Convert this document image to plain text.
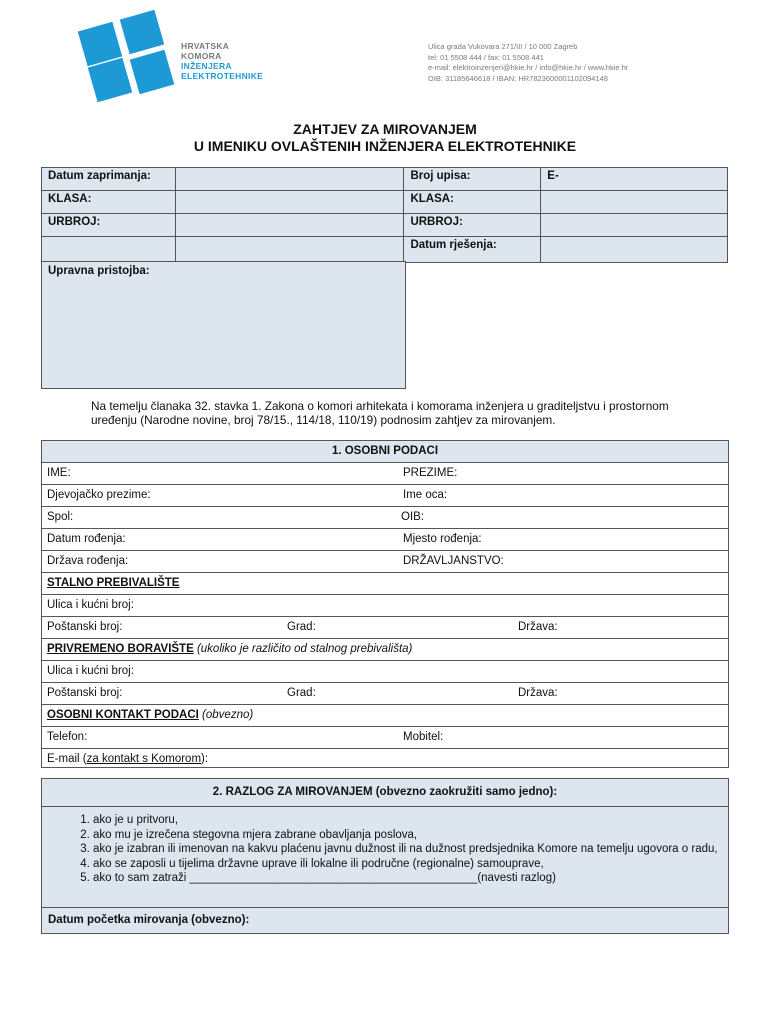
HRVATSKA
KOMORA
INŽENJERA
ELEKTROTEHNIKE
Ulica grada Vukovara 271/III / 10 000 Zagreb
tel: 01 5508 444 / fax: 01 5508 441
e-mail: elektroinzenjeri@hkie.hr / info@hkie.hr / www.hkie.hr
OIB: 31185646618 / IBAN: HR7823600001102094148
ZAHTJEV ZA MIROVANJEM
U IMENIKU OVLAŠTENIH INŽENJERA ELEKTROTEHNIKE
Datum zaprimanja:		Broj upisa:	E-
KLASA:		KLASA:	
URBROJ:		URBROJ:	
		Datum rješenja:	
Upravna pristojba:
Na temelju članaka 32. stavka 1. Zakona o komori arhitekata i komorama inženjera u graditeljstvu i prostornom uređenju (Narodne novine, broj 78/15., 114/18, 110/19) podnosim zahtjev za mirovanjem.
1. OSOBNI PODACI
IME:	PREZIME:
Djevojačko prezime:	Ime oca:
Spol:	OIB:
Datum rođenja:	Mjesto rođenja:
Država rođenja:	DRŽAVLJANSTVO:
STALNO PREBIVALIŠTE
Ulica i kućni broj:
Poštanski broj:	Grad:	Država:
PRIVREMENO BORAVIŠTE (ukoliko je različito od stalnog prebivališta)
Ulica i kućni broj:
Poštanski broj:	Grad:	Država:
OSOBNI KONTAKT PODACI (obvezno)
Telefon:	Mobitel:
E-mail (za kontakt s Komorom):
2. RAZLOG ZA MIROVANJEM (obvezno zaokružiti samo jedno):
1. ako je u pritvoru,
2. ako mu je izrečena stegovna mjera zabrane obavljanja poslova,
3. ako je izabran ili imenovan na kakvu plaćenu javnu dužnost ili na dužnost predsjednika Komore na temelju ugovora o radu,
4. ako se zaposli u tijelima državne uprave ili lokalne ili područne (regionalne) samouprave,
5. ako to sam zatraži _____________________________________________(navesti razlog)
Datum početka mirovanja (obvezno):
